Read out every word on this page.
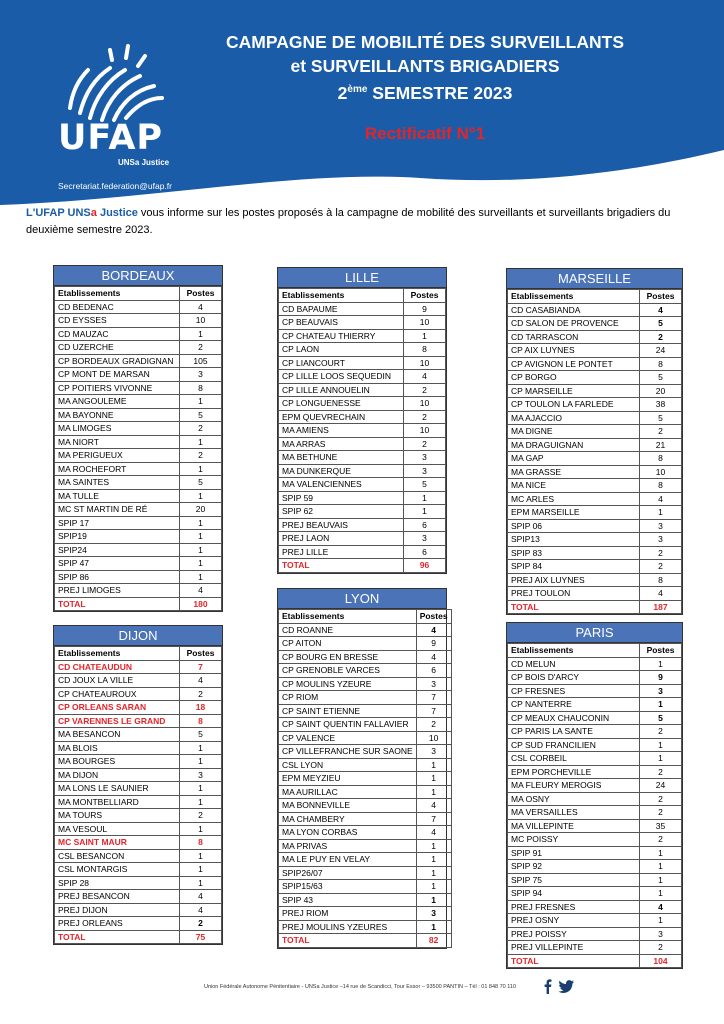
UFAP
UNSa Justice
Secretariat.federation@ufap.fr
CAMPAGNE DE MOBILITÉ DES SURVEILLANTS
et SURVEILLANTS BRIGADIERS
2ème SEMESTRE 2023
Rectificatif N°1
L'UFAP UNSa Justice vous informe sur les postes proposés à la campagne de mobilité des surveillants et surveillants brigadiers du deuxième semestre 2023.
BORDEAUX
Etablissements	Postes
CD BEDENAC	4
CD EYSSES	10
CD MAUZAC	1
CD UZERCHE	2
CP BORDEAUX GRADIGNAN	105
CP MONT DE MARSAN	3
CP POITIERS VIVONNE	8
MA ANGOULEME	1
MA BAYONNE	5
MA LIMOGES	2
MA NIORT	1
MA PERIGUEUX	2
MA ROCHEFORT	1
MA SAINTES	5
MA TULLE	1
MC ST MARTIN DE RÉ	20
SPIP 17	1
SPIP19	1
SPIP24	1
SPIP 47	1
SPIP 86	1
PREJ LIMOGES	4
TOTAL	180
DIJON
Etablissements	Postes
CD CHATEAUDUN	7
CD JOUX LA VILLE	4
CP CHATEAUROUX	2
CP ORLEANS SARAN	18
CP VARENNES LE GRAND	8
MA BESANCON	5
MA BLOIS	1
MA BOURGES	1
MA DIJON	3
MA LONS LE SAUNIER	1
MA MONTBELLIARD	1
MA TOURS	2
MA VESOUL	1
MC SAINT MAUR	8
CSL BESANCON	1
CSL MONTARGIS	1
SPIP 28	1
PREJ BESANCON	4
PREJ DIJON	4
PREJ ORLEANS	2
TOTAL	75
LILLE
Etablissements	Postes
CD BAPAUME	9
CP BEAUVAIS	10
CP CHATEAU THIERRY	1
CP LAON	8
CP LIANCOURT	10
CP LILLE LOOS SEQUEDIN	4
CP LILLE ANNOUELIN	2
CP LONGUENESSE	10
EPM QUEVRECHAIN	2
MA AMIENS	10
MA ARRAS	2
MA BETHUNE	3
MA DUNKERQUE	3
MA VALENCIENNES	5
SPIP 59	1
SPIP 62	1
PREJ BEAUVAIS	6
PREJ LAON	3
PREJ LILLE	6
TOTAL	96
LYON
Etablissements	Postes
CD ROANNE	4
CP AITON	9
CP BOURG EN BRESSE	4
CP GRENOBLE VARCES	6
CP MOULINS YZEURE	3
CP RIOM	7
CP SAINT ETIENNE	7
CP SAINT QUENTIN FALLAVIER	2
CP VALENCE	10
CP VILLEFRANCHE SUR SAONE	3
CSL LYON	1
EPM MEYZIEU	1
MA AURILLAC	1
MA BONNEVILLE	4
MA CHAMBERY	7
MA LYON CORBAS	4
MA PRIVAS	1
MA LE PUY EN VELAY	1
SPIP26/07	1
SPIP15/63	1
SPIP 43	1
PREJ RIOM	3
PREJ MOULINS YZEURES	1
TOTAL	82
MARSEILLE
Etablissements	Postes
CD CASABIANDA	4
CD SALON DE PROVENCE	5
CD TARRASCON	2
CP AIX LUYNES	24
CP AVIGNON LE PONTET	8
CP BORGO	5
CP MARSEILLE	20
CP TOULON LA FARLEDE	38
MA AJACCIO	5
MA DIGNE	2
MA DRAGUIGNAN	21
MA GAP	8
MA GRASSE	10
MA NICE	8
MC ARLES	4
EPM MARSEILLE	1
SPIP 06	3
SPIP13	3
SPIP 83	2
SPIP 84	2
PREJ AIX LUYNES	8
PREJ TOULON	4
TOTAL	187
PARIS
Etablissements	Postes
CD MELUN	1
CP BOIS D'ARCY	9
CP FRESNES	3
CP NANTERRE	1
CP MEAUX CHAUCONIN	5
CP PARIS LA SANTE	2
CP SUD FRANCILIEN	1
CSL CORBEIL	1
EPM PORCHEVILLE	2
MA FLEURY MEROGIS	24
MA OSNY	2
MA VERSAILLES	2
MA VILLEPINTE	35
MC POISSY	2
SPIP 91	1
SPIP 92	1
SPIP 75	1
SPIP 94	1
PREJ FRESNES	4
PREJ OSNY	1
PREJ POISSY	3
PREJ VILLEPINTE	2
TOTAL	104
Union Fédérale Autonome Pénitentiaire - UNSa Justice –14 rue de Scandicci, Tour Essor – 93500 PANTIN – Tél : 01 848 70 110
